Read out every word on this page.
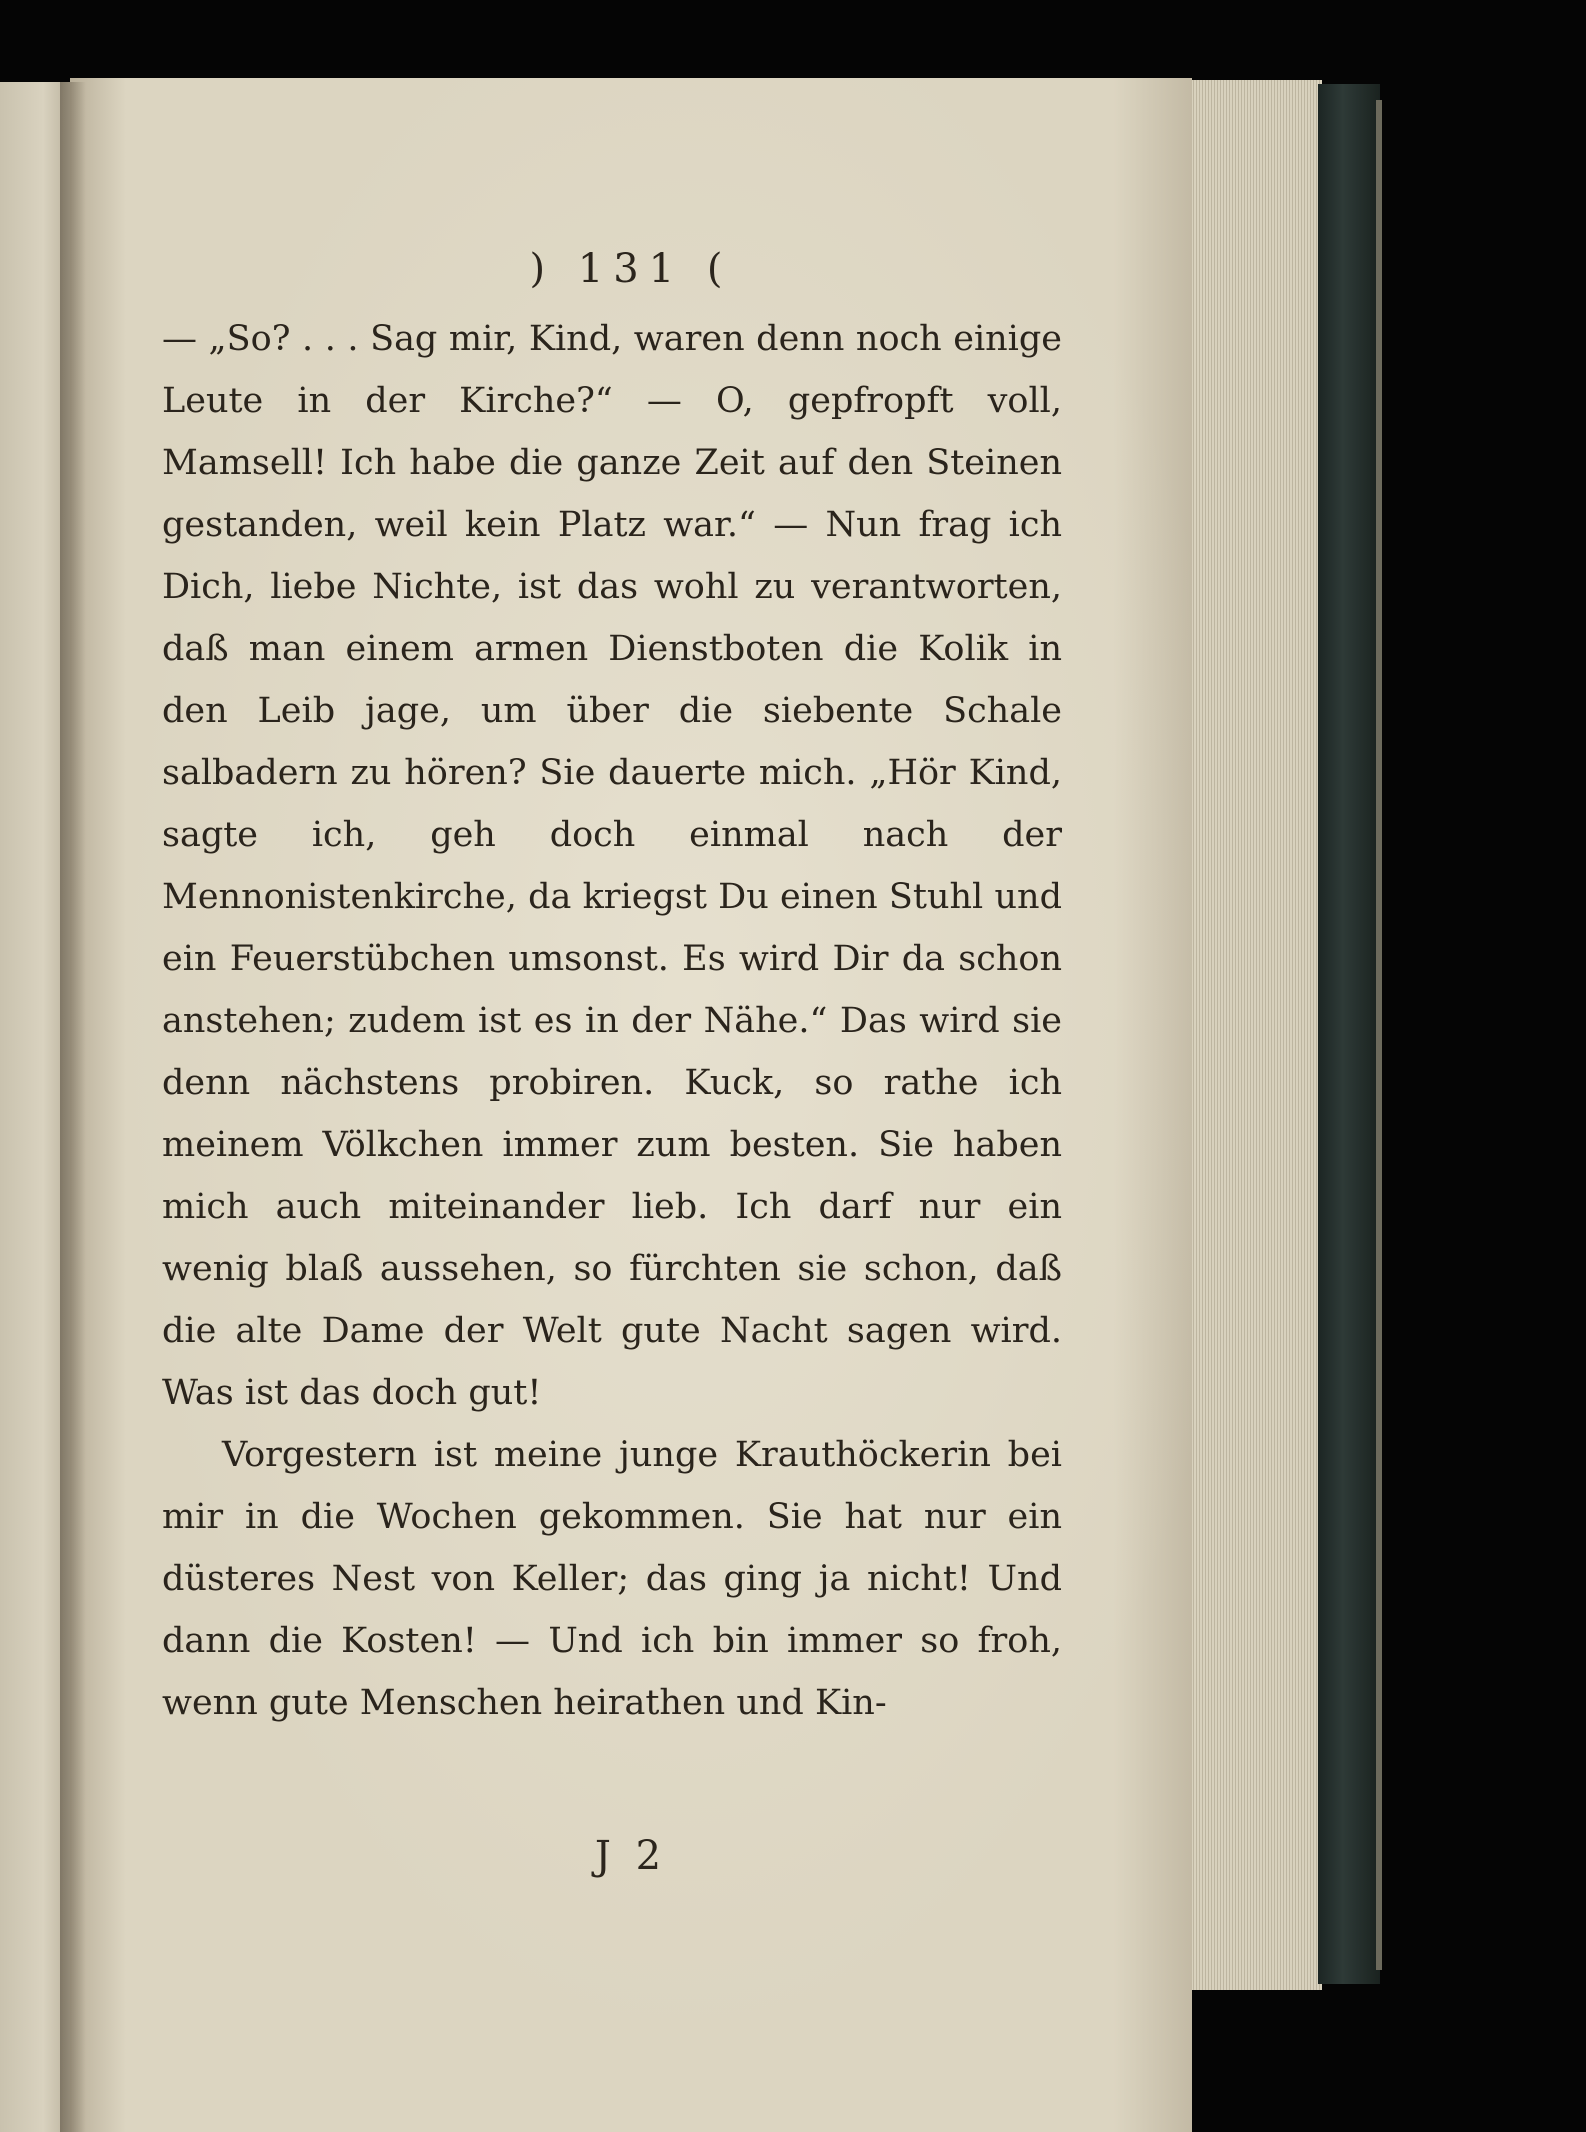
) 131 (

— „So? . . . Sag mir, Kind, waren denn noch einige Leute in der Kirche?“ — O, gepfropft voll, Mamsell! Ich habe die ganze Zeit auf den Steinen gestanden, weil kein Platz war.“ — Nun frag ich Dich, liebe Nichte, ist das wohl zu verantworten, daß man einem armen Dienstboten die Kolik in den Leib jage, um über die siebente Schale salbadern zu hören? Sie dauerte mich. „Hör Kind, sagte ich, geh doch einmal nach der Mennonistenkirche, da kriegst Du einen Stuhl und ein Feuerstübchen umsonst. Es wird Dir da schon anstehen; zudem ist es in der Nähe.“ Das wird sie denn nächstens probiren. Kuck, so rathe ich meinem Völkchen immer zum besten. Sie haben mich auch miteinander lieb. Ich darf nur ein wenig blaß aussehen, so fürchten sie schon, daß die alte Dame der Welt gute Nacht sagen wird. Was ist das doch gut!

Vorgestern ist meine junge Krauthöckerin bei mir in die Wochen gekommen. Sie hat nur ein düsteres Nest von Keller; das ging ja nicht! Und dann die Kosten! — Und ich bin immer so froh, wenn gute Menschen heirathen und Kin-

J 2
